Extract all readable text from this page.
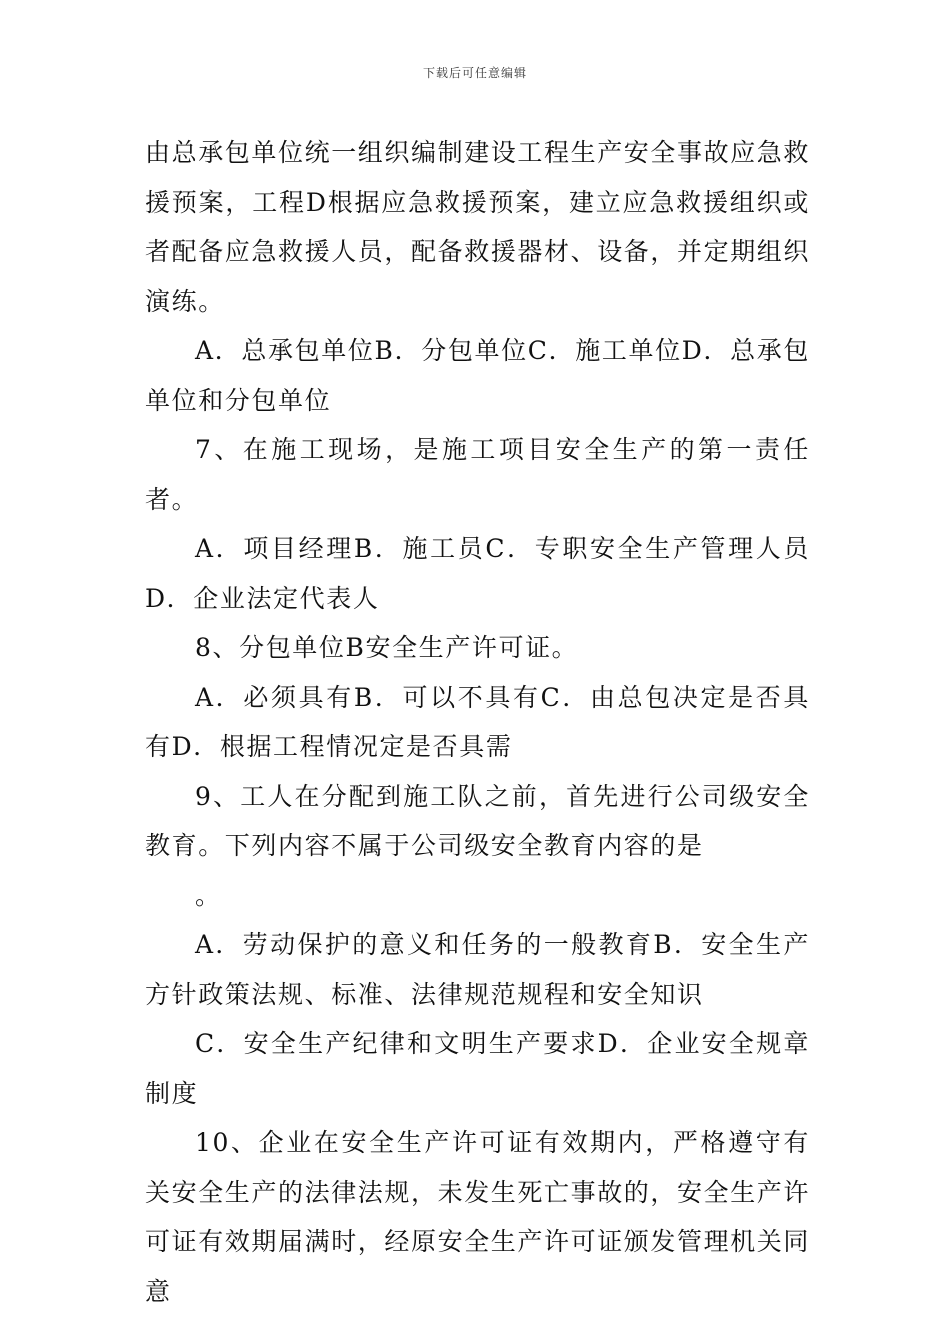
下载后可任意编辑

由总承包单位统一组织编制建设工程生产安全事故应急救援预案，工程D根据应急救援预案，建立应急救援组织或者配备应急救援人员，配备救援器材、设备，并定期组织演练。

A．总承包单位B．分包单位C．施工单位D．总承包单位和分包单位

7、在施工现场，是施工项目安全生产的第一责任者。

A．项目经理B．施工员C．专职安全生产管理人员D．企业法定代表人

8、分包单位B安全生产许可证。

A．必须具有B．可以不具有C．由总包决定是否具有D．根据工程情况定是否具需

9、工人在分配到施工队之前，首先进行公司级安全教育。下列内容不属于公司级安全教育内容的是

。

A．劳动保护的意义和任务的一般教育B．安全生产方针政策法规、标准、法律规范规程和安全知识

C．安全生产纪律和文明生产要求D．企业安全规章制度

10、企业在安全生产许可证有效期内，严格遵守有关安全生产的法律法规，未发生死亡事故的，安全生产许可证有效期届满时，经原安全生产许可证颁发管理机关同意
